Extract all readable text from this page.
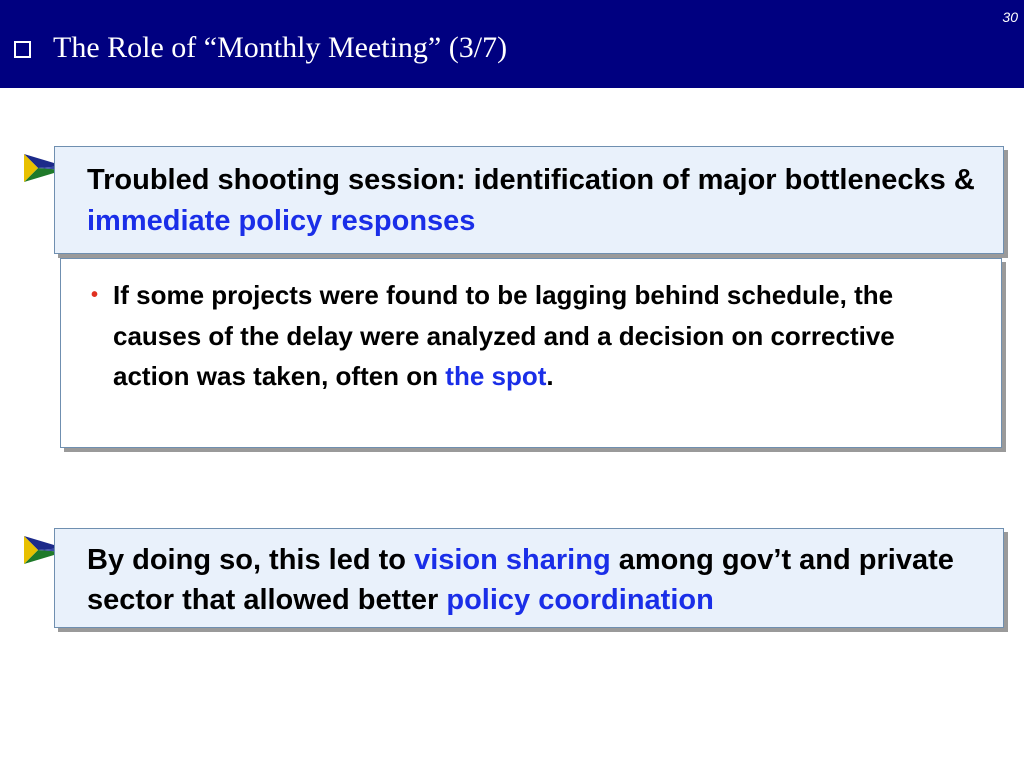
The Role of “Monthly Meeting” (3/7)
30
Troubled shooting session: identification of major bottlenecks & immediate policy responses
• If some projects were found to be lagging behind schedule, the causes of the delay were analyzed and a decision on corrective action was taken, often on the spot.
By doing so, this led to vision sharing among gov’t and private sector that allowed better policy coordination
